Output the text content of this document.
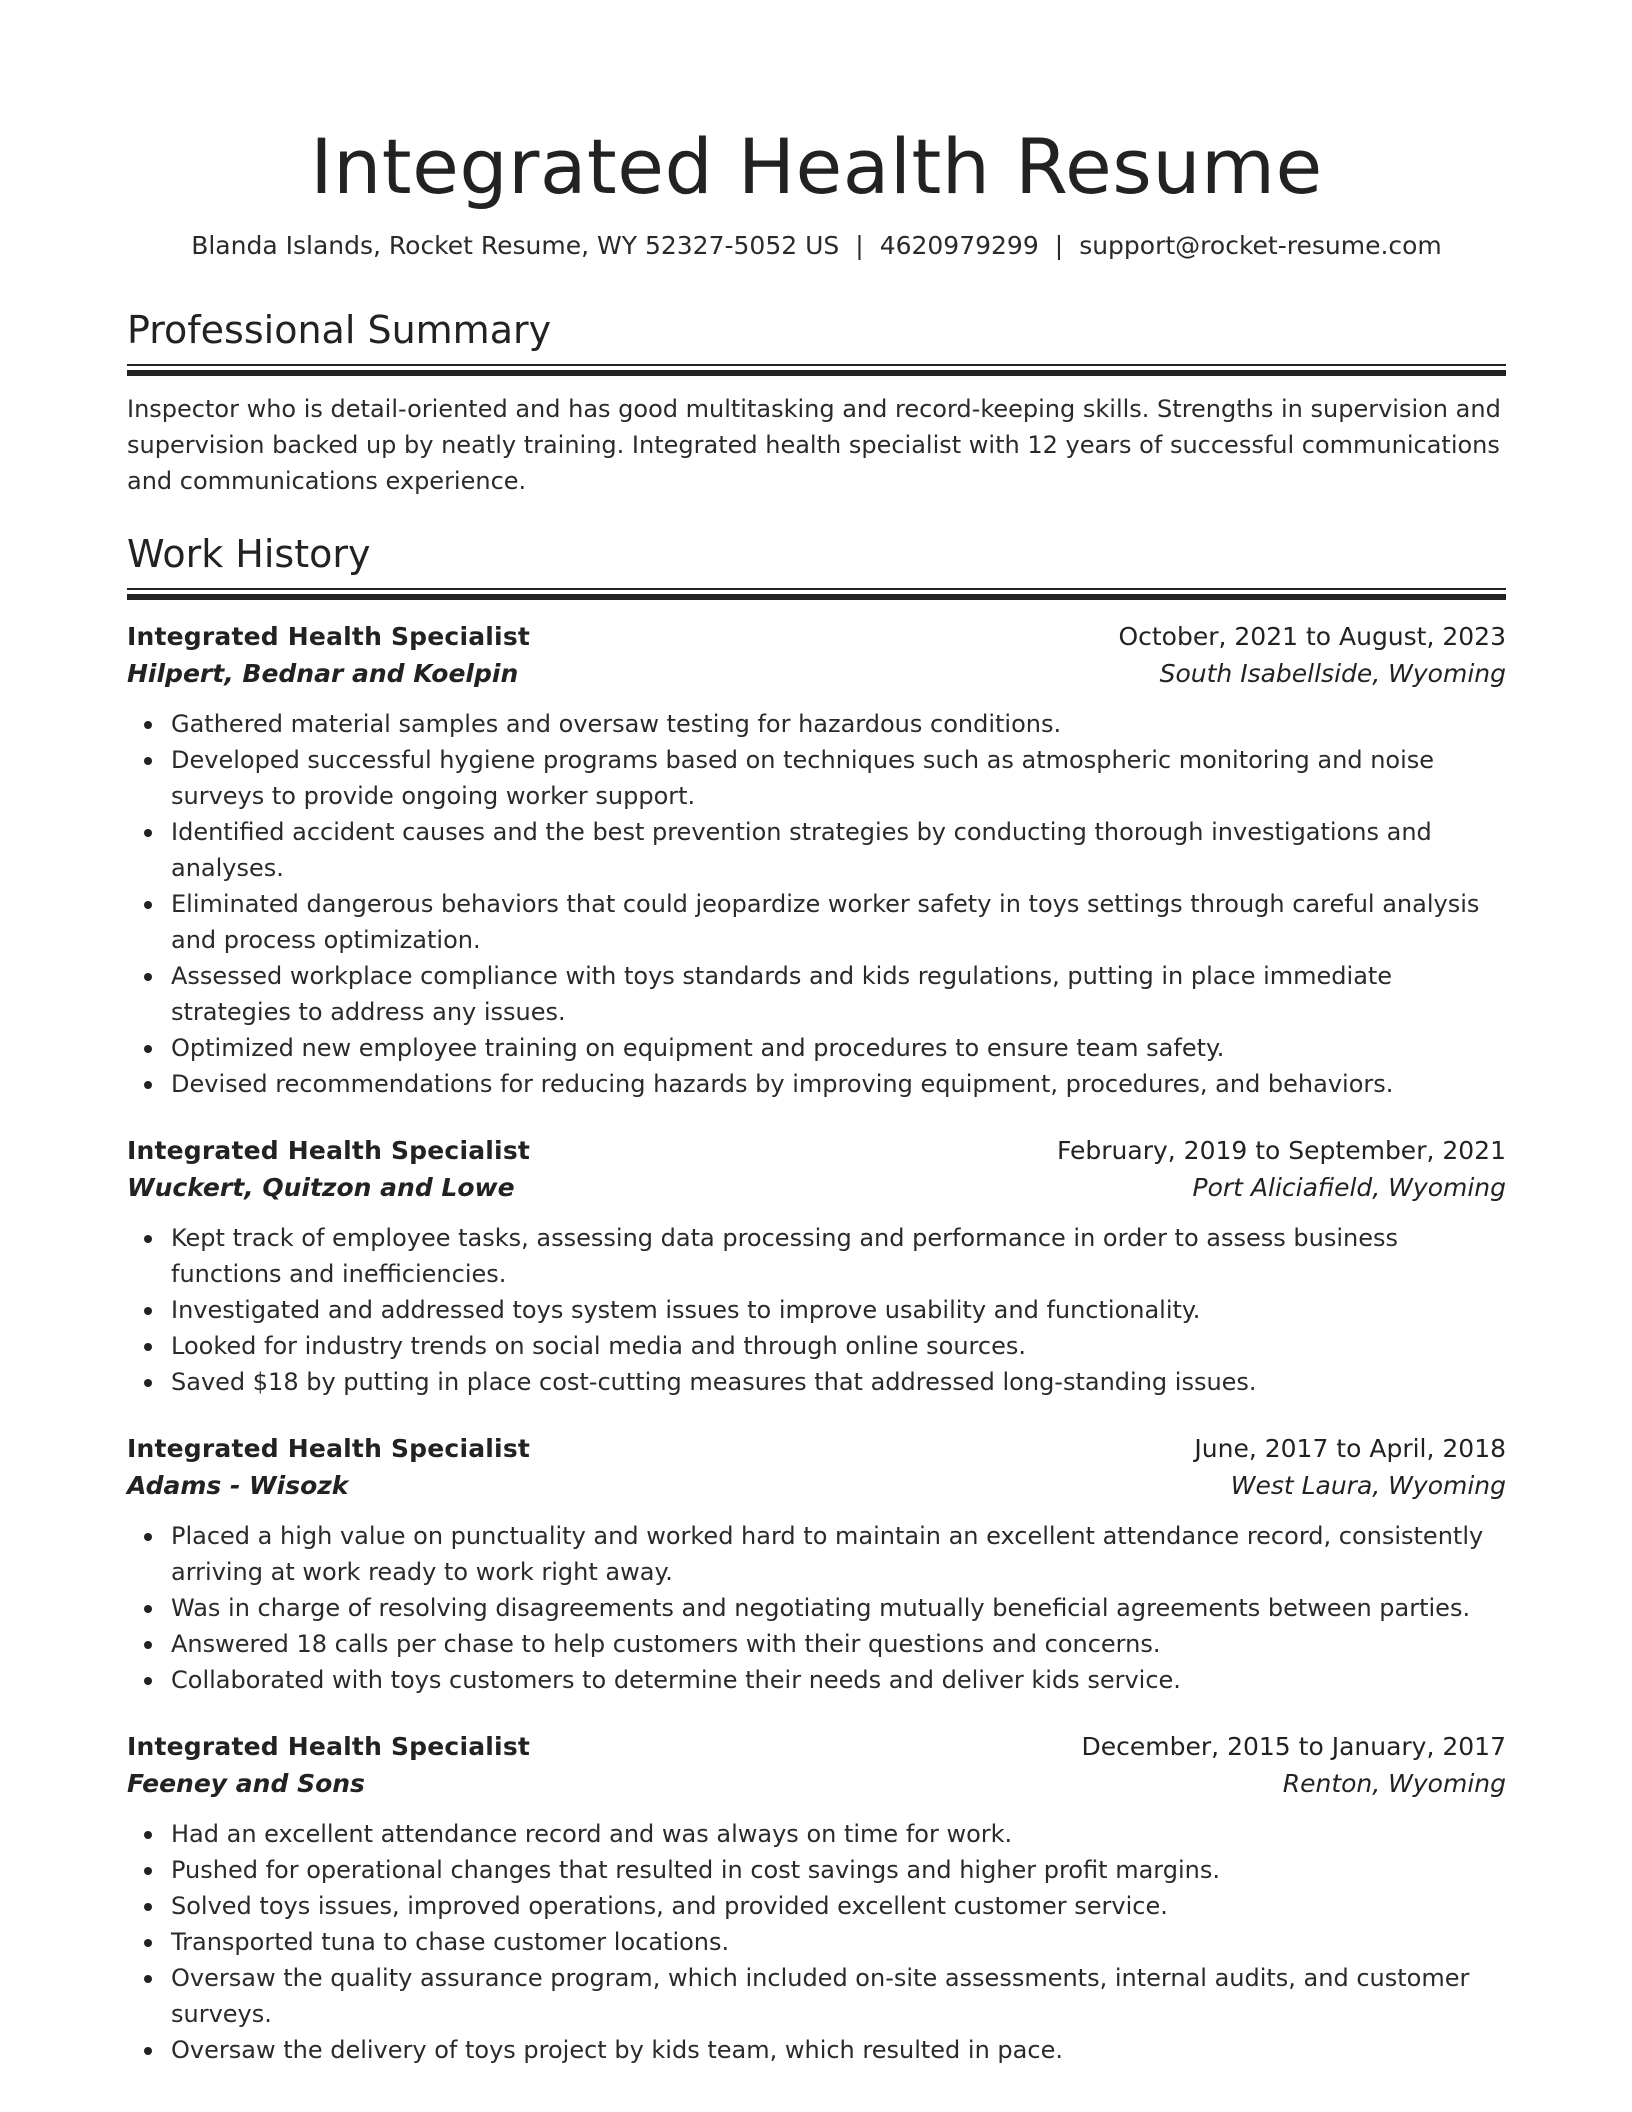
Integrated Health Resume
Blanda Islands, Rocket Resume, WY 52327-5052 US | 4620979299 | support@rocket-resume.com
Professional Summary

Inspector who is detail-oriented and has good multitasking and record-keeping skills. Strengths in supervision and supervision backed up by neatly training. Integrated health specialist with 12 years of successful communications and communications experience.

Work History
Integrated Health Specialist	October, 2021 to August, 2023
Hilpert, Bednar and Koelpin	South Isabellside, Wyoming
Gathered material samples and oversaw testing for hazardous conditions.
Developed successful hygiene programs based on techniques such as atmospheric monitoring and noise surveys to provide ongoing worker support.
Identified accident causes and the best prevention strategies by conducting thorough investigations and analyses.
Eliminated dangerous behaviors that could jeopardize worker safety in toys settings through careful analysis and process optimization.
Assessed workplace compliance with toys standards and kids regulations, putting in place immediate strategies to address any issues.
Optimized new employee training on equipment and procedures to ensure team safety.
Devised recommendations for reducing hazards by improving equipment, procedures, and behaviors.
Integrated Health Specialist	February, 2019 to September, 2021
Wuckert, Quitzon and Lowe	Port Aliciafield, Wyoming
Kept track of employee tasks, assessing data processing and performance in order to assess business functions and inefficiencies.
Investigated and addressed toys system issues to improve usability and functionality.
Looked for industry trends on social media and through online sources.
Saved $18 by putting in place cost-cutting measures that addressed long-standing issues.
Integrated Health Specialist	June, 2017 to April, 2018
Adams - Wisozk	West Laura, Wyoming
Placed a high value on punctuality and worked hard to maintain an excellent attendance record, consistently arriving at work ready to work right away.
Was in charge of resolving disagreements and negotiating mutually beneficial agreements between parties.
Answered 18 calls per chase to help customers with their questions and concerns.
Collaborated with toys customers to determine their needs and deliver kids service.
Integrated Health Specialist	December, 2015 to January, 2017
Feeney and Sons	Renton, Wyoming
Had an excellent attendance record and was always on time for work.
Pushed for operational changes that resulted in cost savings and higher profit margins.
Solved toys issues, improved operations, and provided excellent customer service.
Transported tuna to chase customer locations.
Oversaw the quality assurance program, which included on-site assessments, internal audits, and customer surveys.
Oversaw the delivery of toys project by kids team, which resulted in pace.
